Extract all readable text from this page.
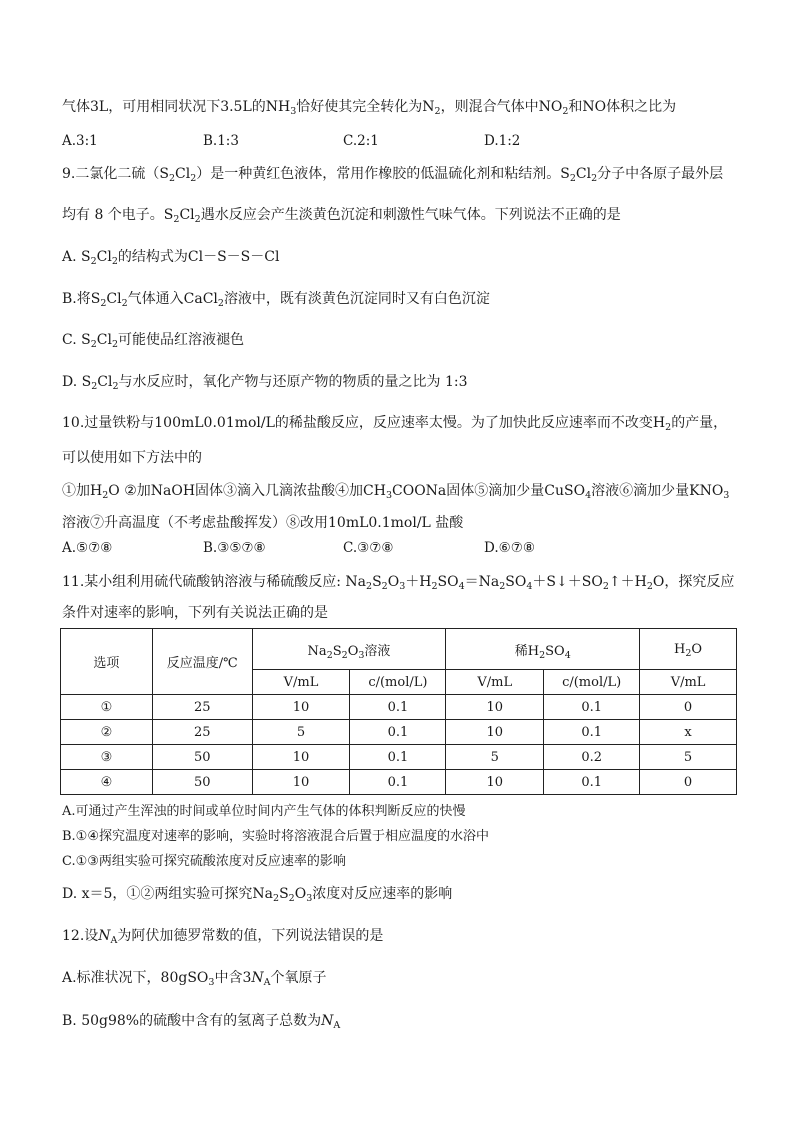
气体3L，可用相同状况下3.5L的$NH_3$恰好使其完全转化为$N_2$，则混合气体中$NO_2$和NO体积之比为
A.3:1	B.1:3	C.2:1	D.1:2
9.二氯化二硫$(S_2Cl_2)$是一种黄红色液体，常用作橡胶的低温硫化剂和粘结剂。$S_2Cl_2$分子中各原子最外层
均有 8 个电子。$S_2Cl_2$遇水反应会产生淡黄色沉淀和刺激性气味气体。下列说法不正确的是
A. $S_2Cl_2$的结构式为Cl－S－S－Cl
B.将$S_2Cl_2$气体通入CaCl$_2$溶液中，既有淡黄色沉淀同时又有白色沉淀
C. $S_2Cl_2$可能使品红溶液褪色
D. $S_2Cl_2$与水反应时，氧化产物与还原产物的物质的量之比为 1:3
10.过量铁粉与100mL0.01mol/L的稀盐酸反应，反应速率太慢。为了加快此反应速率而不改变$H_2$的产量，
可以使用如下方法中的
①加$H_2O$ ②加NaOH固体③滴入几滴浓盐酸④加$CH_3COONa$固体⑤滴加少量CuSO$_4$溶液⑥滴加少量$KNO_3$
溶液⑦升高温度（不考虑盐酸挥发）⑧改用10mL0.1mol/L 盐酸
A.⑤⑦⑧	B.③⑤⑦⑧	C.③⑦⑧	D.⑥⑦⑧
11.某小组利用硫代硫酸钠溶液与稀硫酸反应: $Na_2S_2O_3+H_2SO_4=Na_2SO_4+S↓+SO_2↑+H_2O$，探究反应
条件对速率的影响，下列有关说法正确的是
选项	反应温度/℃	$Na_2S_2O_3$溶液		稀$H_2SO_4$		$H_2O$
		V/mL	c/(mol/L)	V/mL	c/(mol/L)	V/mL
①	25	10	0.1	10	0.1	0
②	25	5	0.1	10	0.1	x
③	50	10	0.1	5	0.2	5
④	50	10	0.1	10	0.1	0
A.可通过产生浑浊的时间或单位时间内产生气体的体积判断反应的快慢
B.①④探究温度对速率的影响，实验时将溶液混合后置于相应温度的水浴中
C.①③两组实验可探究硫酸浓度对反应速率的影响
D. x＝5，①②两组实验可探究$Na_2S_2O_3$浓度对反应速率的影响
12.设$N_A$为阿伏加德罗常数的值，下列说法错误的是
A.标准状况下，80gSO$_3$中含$3N_A$个氧原子
B. 50g98%的硫酸中含有的氢离子总数为$N_A$
